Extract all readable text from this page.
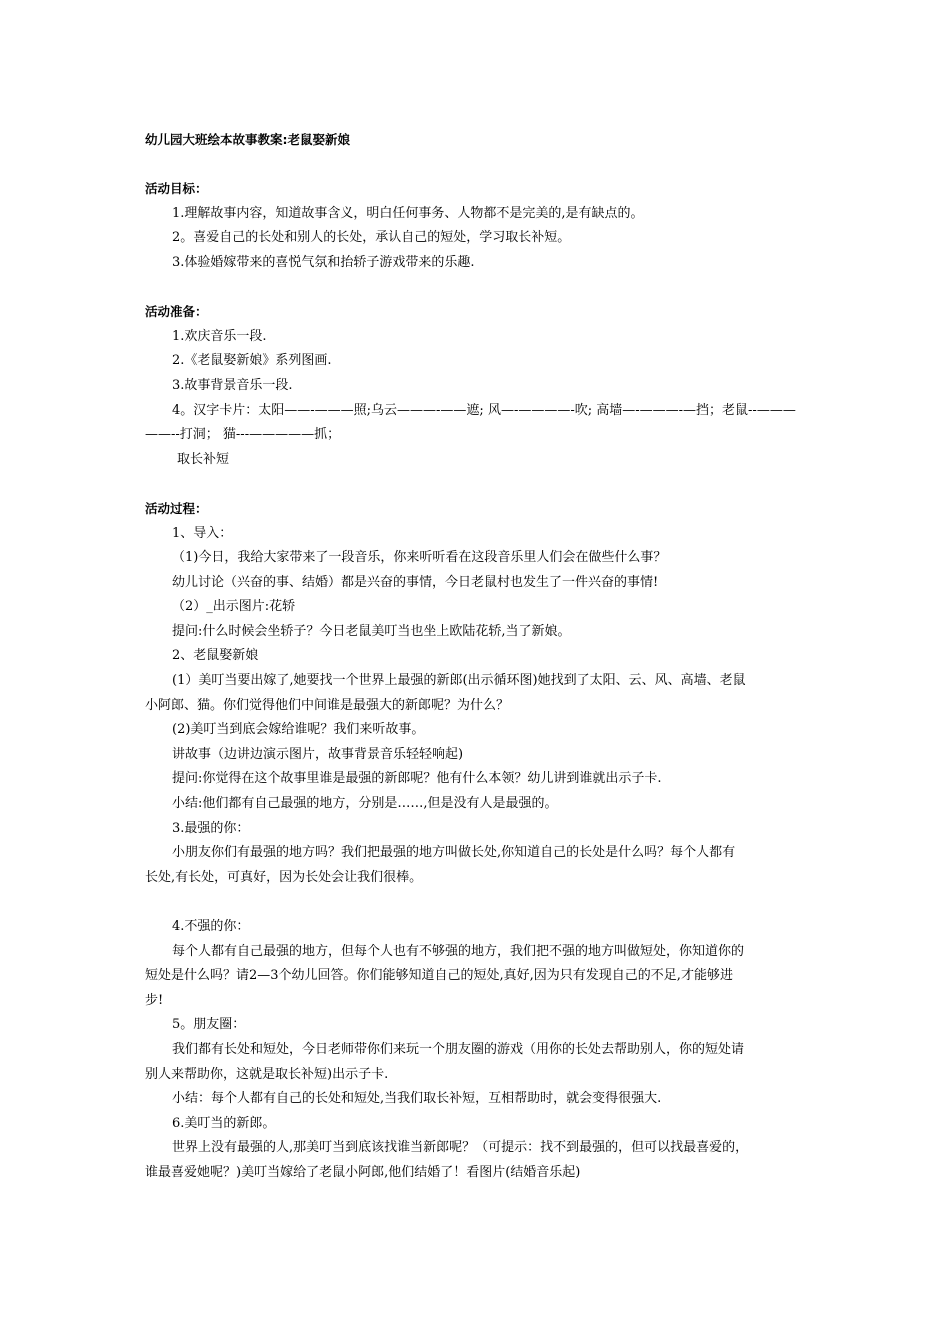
幼儿园大班绘本故事教案:老鼠娶新娘
活动目标：
1.理解故事内容，知道故事含义，明白任何事务、人物都不是完美的,是有缺点的。
2。喜爱自己的长处和别人的长处，承认自己的短处，学习取长补短。
3.体验婚嫁带来的喜悦气氛和抬轿子游戏带来的乐趣.
活动准备：
1.欢庆音乐一段.
2.《老鼠娶新娘》系列图画.
3.故事背景音乐一段.
4。汉字卡片：太阳——-———照;乌云———-——遮; 风—-————-吹; 高墙—-———-—挡；老鼠--———
——--打洞； 猫---—————抓；
取长补短
活动过程：
1、导入：
（1)今日，我给大家带来了一段音乐，你来听听看在这段音乐里人们会在做些什么事？
幼儿讨论（兴奋的事、结婚）都是兴奋的事情，今日老鼠村也发生了一件兴奋的事情!
（2）_出示图片:花轿
提问:什么时候会坐轿子？今日老鼠美叮当也坐上欧陆花轿,当了新娘。
2、老鼠娶新娘
(1）美叮当要出嫁了,她要找一个世界上最强的新郎(出示循环图)她找到了太阳、云、风、高墙、老鼠
小阿郎、猫。你们觉得他们中间谁是最强大的新郎呢？为什么？
(2)美叮当到底会嫁给谁呢？我们来听故事。
讲故事（边讲边演示图片，故事背景音乐轻轻响起)
提问:你觉得在这个故事里谁是最强的新郎呢？他有什么本领？幼儿讲到谁就出示子卡.
小结:他们都有自己最强的地方，分别是……,但是没有人是最强的。
3.最强的你：
小朋友你们有最强的地方吗？我们把最强的地方叫做长处,你知道自己的长处是什么吗？每个人都有
长处,有长处，可真好，因为长处会让我们很棒。
4.不强的你：
每个人都有自己最强的地方，但每个人也有不够强的地方，我们把不强的地方叫做短处，你知道你的
短处是什么吗？请2—3个幼儿回答。你们能够知道自己的短处,真好,因为只有发现自己的不足,才能够进
步!
5。朋友圈：
我们都有长处和短处，今日老师带你们来玩一个朋友圈的游戏（用你的长处去帮助别人，你的短处请
别人来帮助你，这就是取长补短)出示子卡.
小结：每个人都有自己的长处和短处,当我们取长补短，互相帮助时，就会变得很强大.
6.美叮当的新郎。
世界上没有最强的人,那美叮当到底该找谁当新郎呢？（可提示：找不到最强的，但可以找最喜爱的，
谁最喜爱她呢？)美叮当嫁给了老鼠小阿郎,他们结婚了！看图片(结婚音乐起)
